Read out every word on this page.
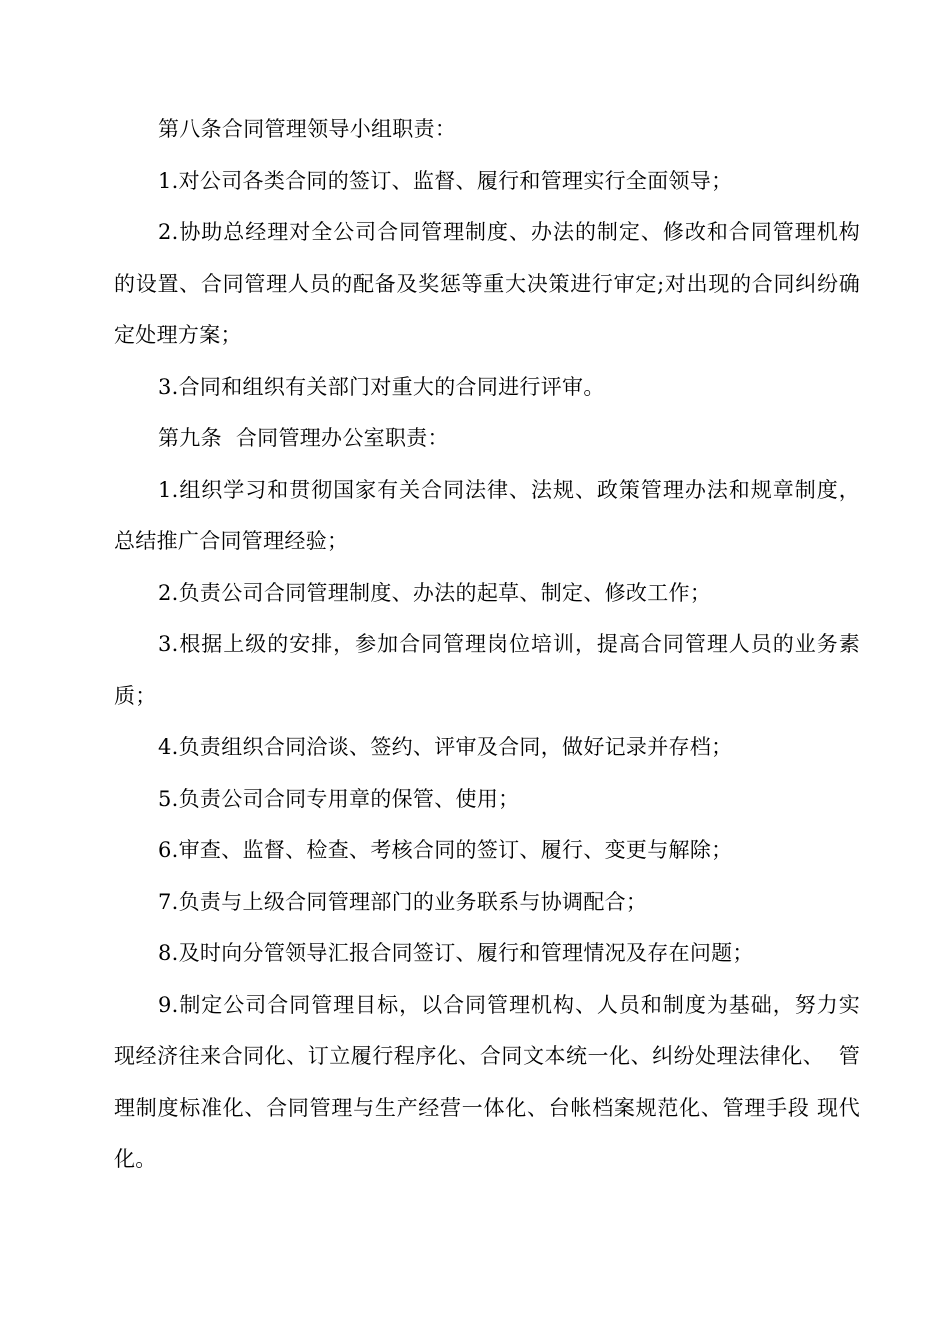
第八条合同管理领导小组职责：

1.对公司各类合同的签订、监督、履行和管理实行全面领导；

2.协助总经理对全公司合同管理制度、办法的制定、修改和合同管理机构的设置、合同管理人员的配备及奖惩等重大决策进行审定;对出现的合同纠纷确定处理方案；

3.合同和组织有关部门对重大的合同进行评审。

第九条  合同管理办公室职责：

1.组织学习和贯彻国家有关合同法律、法规、政策管理办法和规章制度，  总结推广合同管理经验；

2.负责公司合同管理制度、办法的起草、制定、修改工作；

3.根据上级的安排，参加合同管理岗位培训，提高合同管理人员的业务素质；

4.负责组织合同洽谈、签约、评审及合同，做好记录并存档；

5.负责公司合同专用章的保管、使用；

6.审查、监督、检查、考核合同的签订、履行、变更与解除；

7.负责与上级合同管理部门的业务联系与协调配合；

8.及时向分管领导汇报合同签订、履行和管理情况及存在问题；

9.制定公司合同管理目标，以合同管理机构、人员和制度为基础，努力实现经济往来合同化、订立履行程序化、合同文本统一化、纠纷处理法律化、  管理制度标准化、合同管理与生产经营一体化、台帐档案规范化、管理手段 现代化。
